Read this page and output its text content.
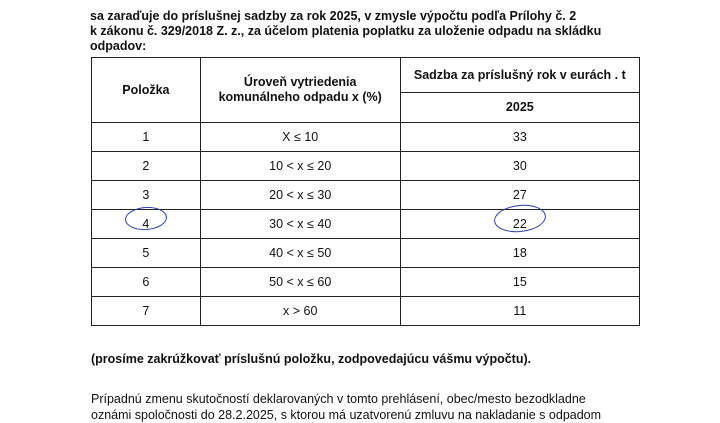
sa zaraďuje do príslušnej sadzby za rok 2025, v zmysle výpočtu podľa Prílohy č. 2
k zákonu č. 329/2018 Z. z., za účelom platenia poplatku za uloženie odpadu na skládku
odpadov:
Položka	Úroveň vytriedenia komunálneho odpadu x (%)	Sadzba za príslušný rok v eurách . t
		2025
1	X ≤ 10	33
2	10 < x ≤ 20	30
3	20 < x ≤ 30	27
4	30 < x ≤ 40	22
5	40 < x ≤ 50	18
6	50 < x ≤ 60	15
7	x > 60	11

(prosíme zakrúžkovať príslušnú položku, zodpovedajúcu vášmu výpočtu).

Prípadnú zmenu skutočností deklarovaných v tomto prehlásení, obec/mesto bezodkladne
oznámi spoločnosti do 28.2.2025, s ktorou má uzatvorenú zmluvu na nakladanie s odpadom
